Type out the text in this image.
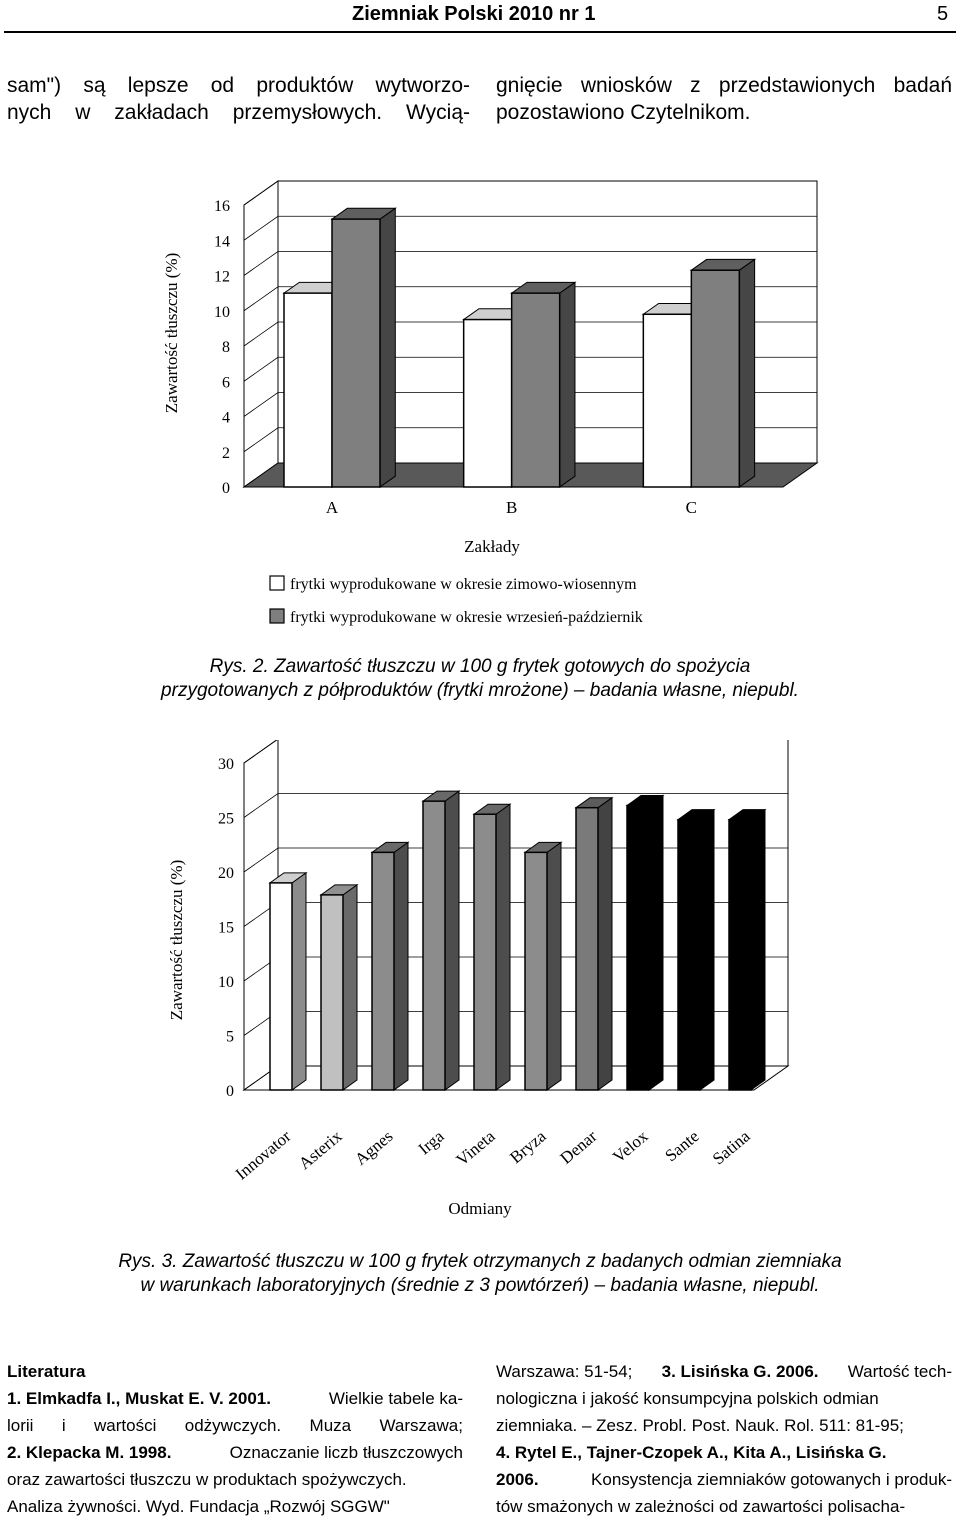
Ziemniak Polski 2010 nr 1	5

sam") są lepsze od produktów wytworzo-

nych w zakładach przemysłowych. Wycią-

gnięcie wniosków z przedstawionych badań

pozostawiono Czytelnikom.

0
2
4
6
8
10
12
14
16
A	B	C
Zakłady
Zawartość tłuszczu (%)
frytki wyprodukowane w okresie zimowo-wiosennym
frytki wyprodukowane w okresie wrzesień-październik
Rys. 2. Zawartość tłuszczu w 100 g frytek gotowych do spożycia
przygotowanych z półproduktów (frytki mrożone) – badania własne, niepubl.
0
5
10
15
20
25
30
Innovator Asterix Agnes Irga Vineta Bryza Denar Velox Sante Satina
Odmiany
Zawartość tłuszczu (%)
Rys. 3. Zawartość tłuszczu w 100 g frytek otrzymanych z badanych odmian ziemniaka
w warunkach laboratoryjnych (średnie z 3 powtórzeń) – badania własne, niepubl.
Literatura
1. Elmkadfa I., Muskat E. V. 2001.	Wielkie tabele ka-
lorii i wartości odżywczych. Muza Warszawa;
2. Klepacka M. 1998.	Oznaczanie liczb tłuszczowych
oraz zawartości tłuszczu w produktach spożywczych.
Analiza żywności. Wyd. Fundacja „Rozwój SGGW"
Warszawa: 51-54; 3. Lisińska G. 2006. Wartość tech-
nologiczna i jakość konsumpcyjna polskich odmian
ziemniaka. – Zesz. Probl. Post. Nauk. Rol. 511: 81-95;
4. Rytel E., Tajner-Czopek A., Kita A., Lisińska G.
2006.	Konsystencja ziemniaków gotowanych i produk-
tów smażonych w zależności od zawartości polisacha-
